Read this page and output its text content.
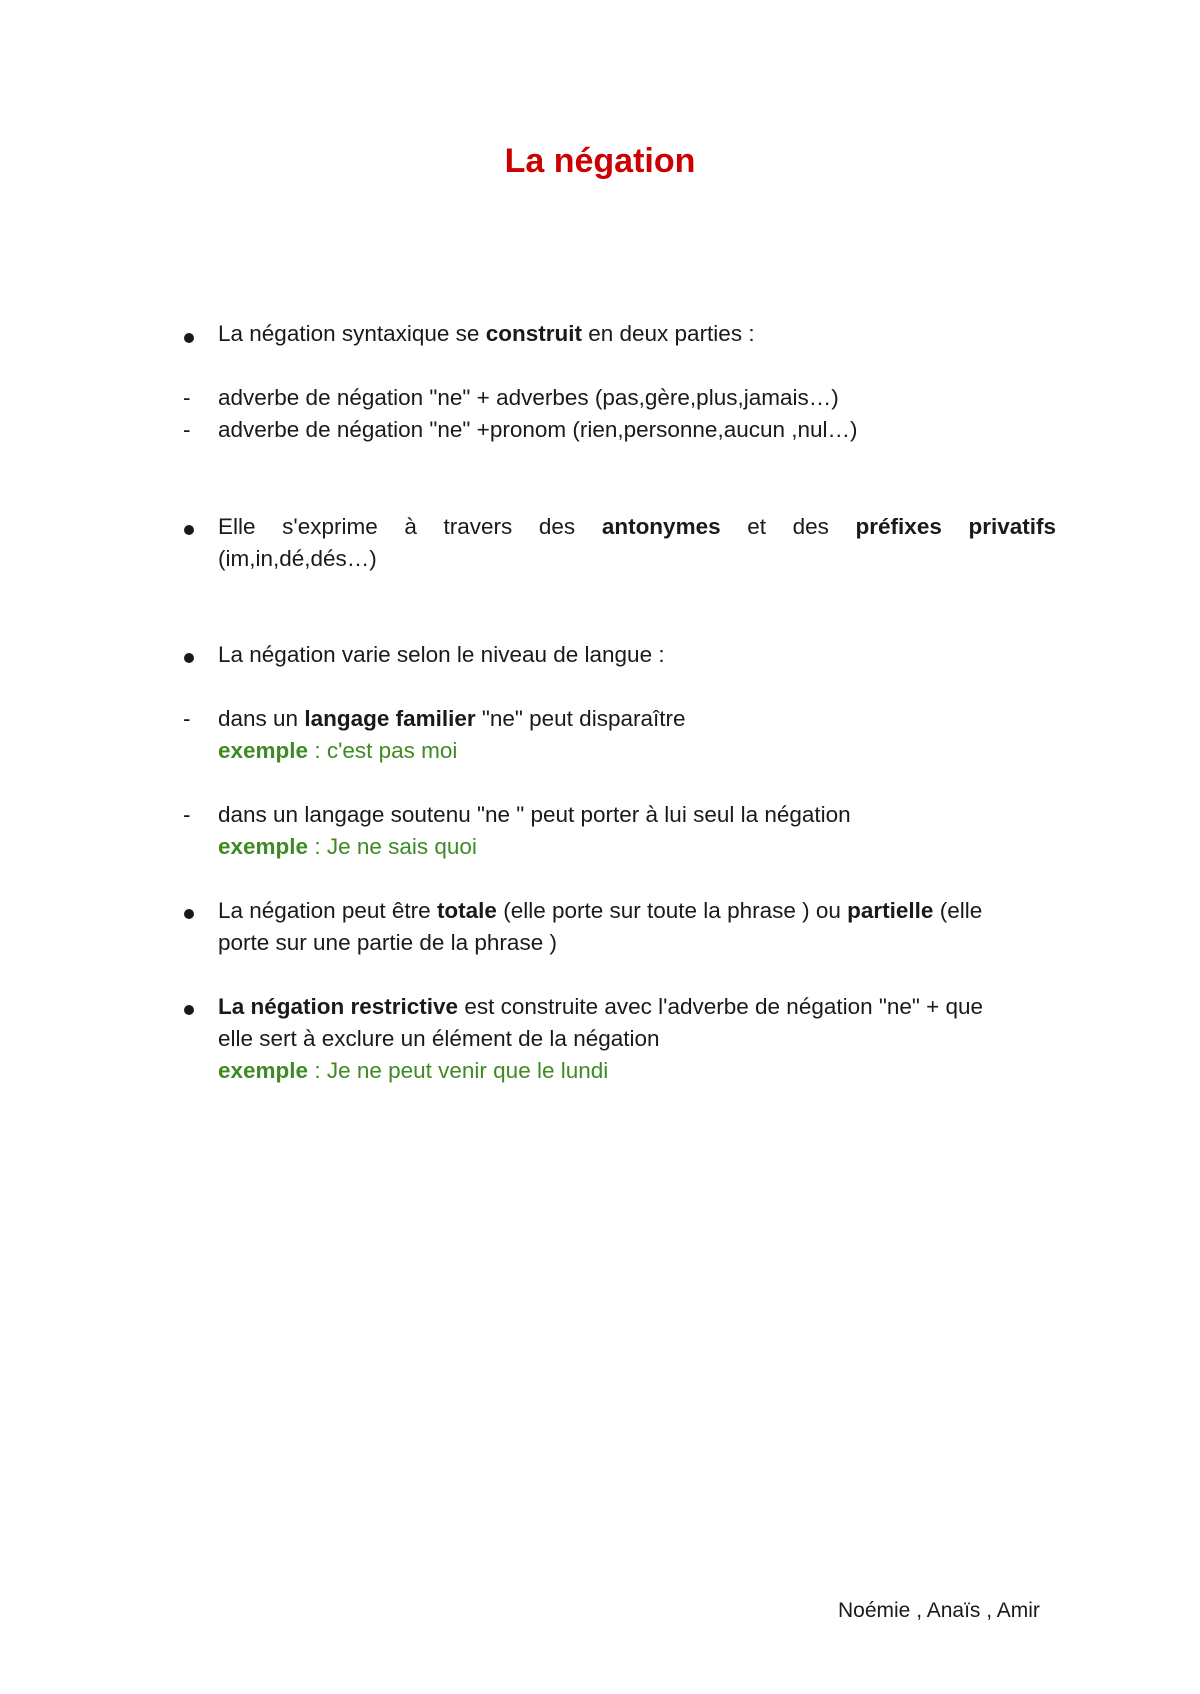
La négation
La négation syntaxique se construit en deux parties :
- adverbe de négation "ne" + adverbes (pas,gère,plus,jamais…)
- adverbe de négation "ne" +pronom (rien,personne,aucun ,nul…)
Elle s'exprime à travers des antonymes et des préfixes privatifs
(im,in,dé,dés…)
La négation varie selon le niveau de langue :
- dans un langage familier "ne" peut disparaître
exemple : c'est pas moi
- dans un langage soutenu "ne " peut porter à lui seul la négation
exemple : Je ne sais quoi
La négation peut être totale (elle porte sur toute la phrase ) ou partielle (elle
porte sur une partie de la phrase )
La négation restrictive est construite avec l'adverbe de négation "ne" + que
elle sert à exclure un élément de la négation
exemple : Je ne peut venir que le lundi
Noémie , Anaïs , Amir
